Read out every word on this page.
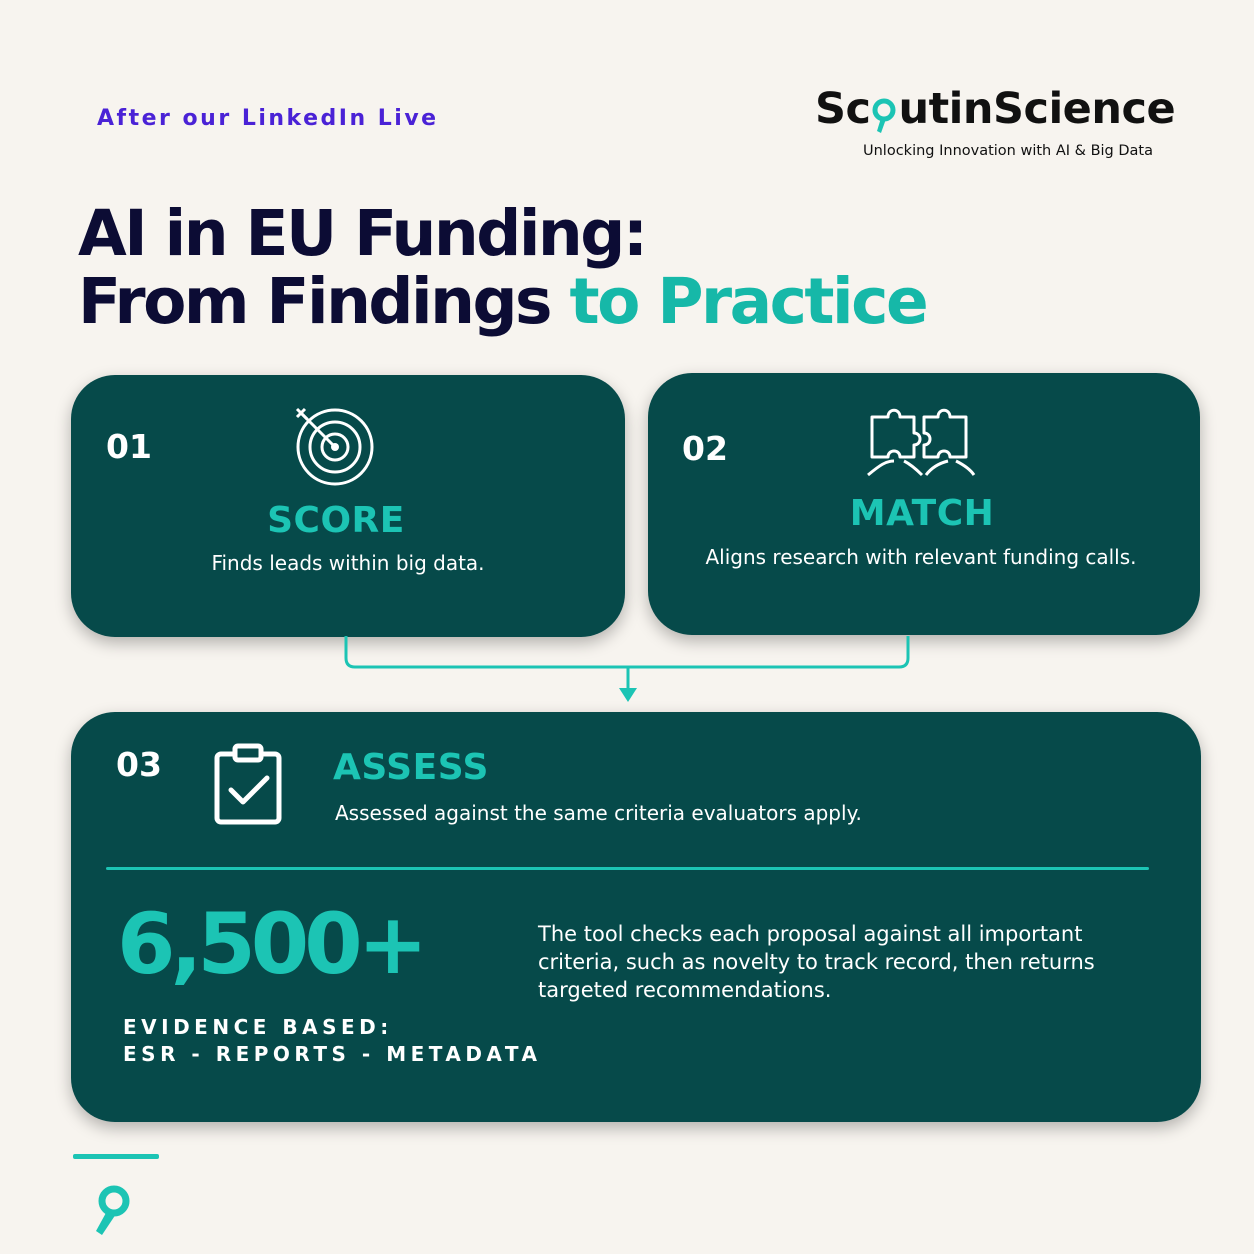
After our LinkedIn Live	Sc utinScience
Unlocking Innovation with AI & Big Data
AI in EU Funding:
From Findings to Practice
01
SCORE
Finds leads within big data.
02
MATCH
Aligns research with relevant funding calls.
03	ASSESS
Assessed against the same criteria evaluators apply.
6,500+
EVIDENCE BASED:
ESR - REPORTS - METADATA
The tool checks each proposal against all important criteria, such as novelty to track record, then returns targeted recommendations.
